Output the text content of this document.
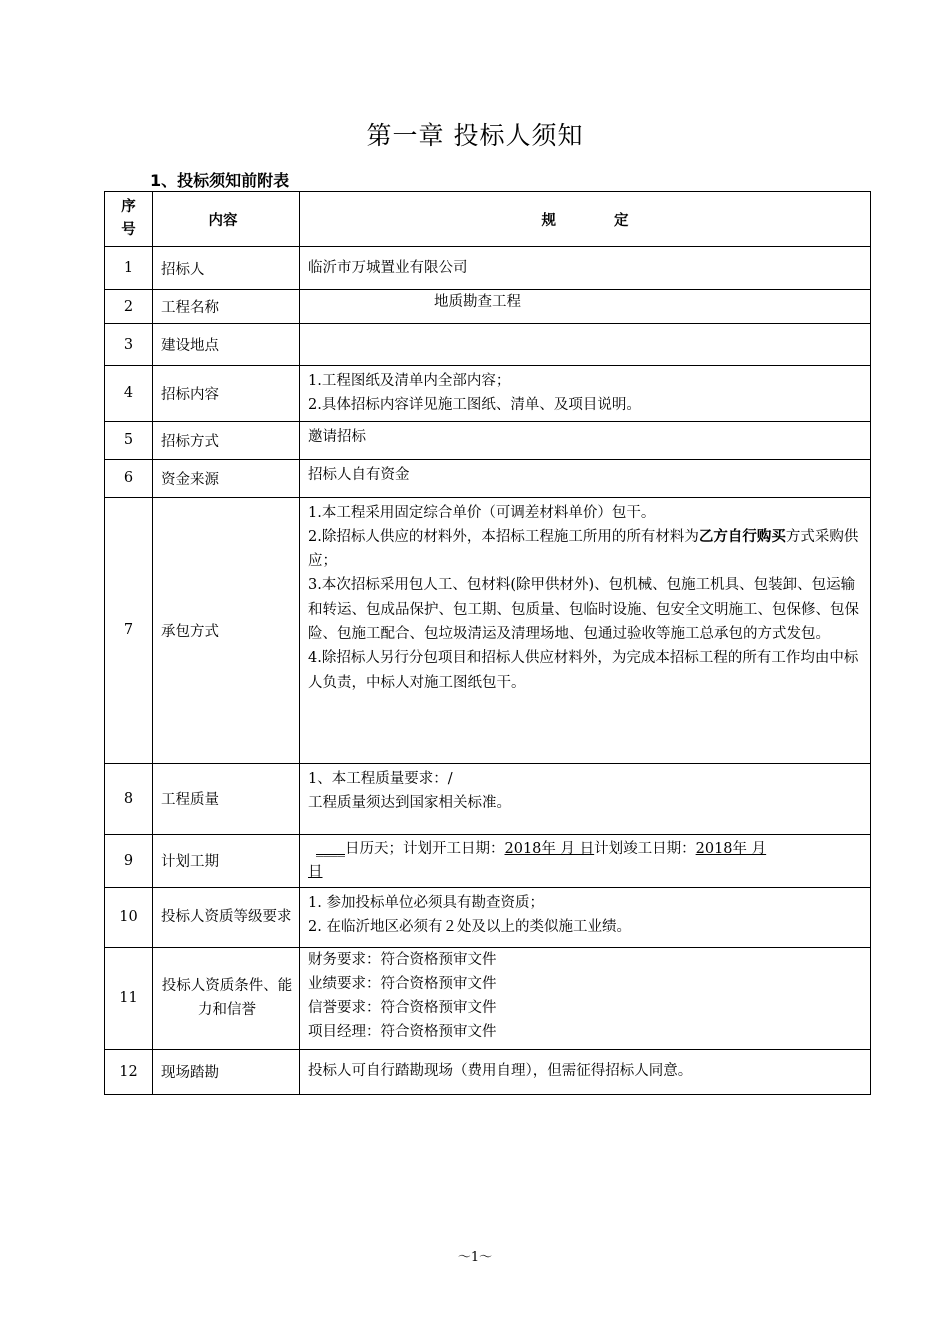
第一章 投标人须知
1、投标须知前附表
序号	内容	规定
1	招标人	临沂市万城置业有限公司

2	工程名称	地质勘查工程

3	建设地点	

4	招标内容	1.工程图纸及清单内全部内容；
2.具体招标内容详见施工图纸、清单、及项目说明。

5	招标方式	邀请招标

6	资金来源	招标人自有资金

7	承包方式	1.本工程采用固定综合单价（可调差材料单价）包干。
2.除招标人供应的材料外，本招标工程施工所用的所有材料为乙方自行购买方式采购供应；
3.本次招标采用包人工、包材料(除甲供材外)、包机械、包施工机具、包装卸、包运输和转运、包成品保护、包工期、包质量、包临时设施、包安全文明施工、包保修、包保险、包施工配合、包垃圾清运及清理场地、包通过验收等施工总承包的方式发包。
4.除招标人另行分包项目和招标人供应材料外，为完成本招标工程的所有工作均由中标人负责，中标人对施工图纸包干。

8	工程质量	1、本工程质量要求：/
工程质量须达到国家相关标准。

9	计划工期	____日历天；计划开工日期：2018年 月 日计划竣工日期：2018年 月
日

10	投标人资质等级要求	1. 参加投标单位必须具有勘查资质；
2. 在临沂地区必须有２处及以上的类似施工业绩。

11	投标人资质条件、能力和信誉	财务要求：符合资格预审文件
业绩要求：符合资格预审文件
信誉要求：符合资格预审文件
项目经理：符合资格预审文件

12	现场踏勘	投标人可自行踏勘现场（费用自理），但需征得招标人同意。
～1～
